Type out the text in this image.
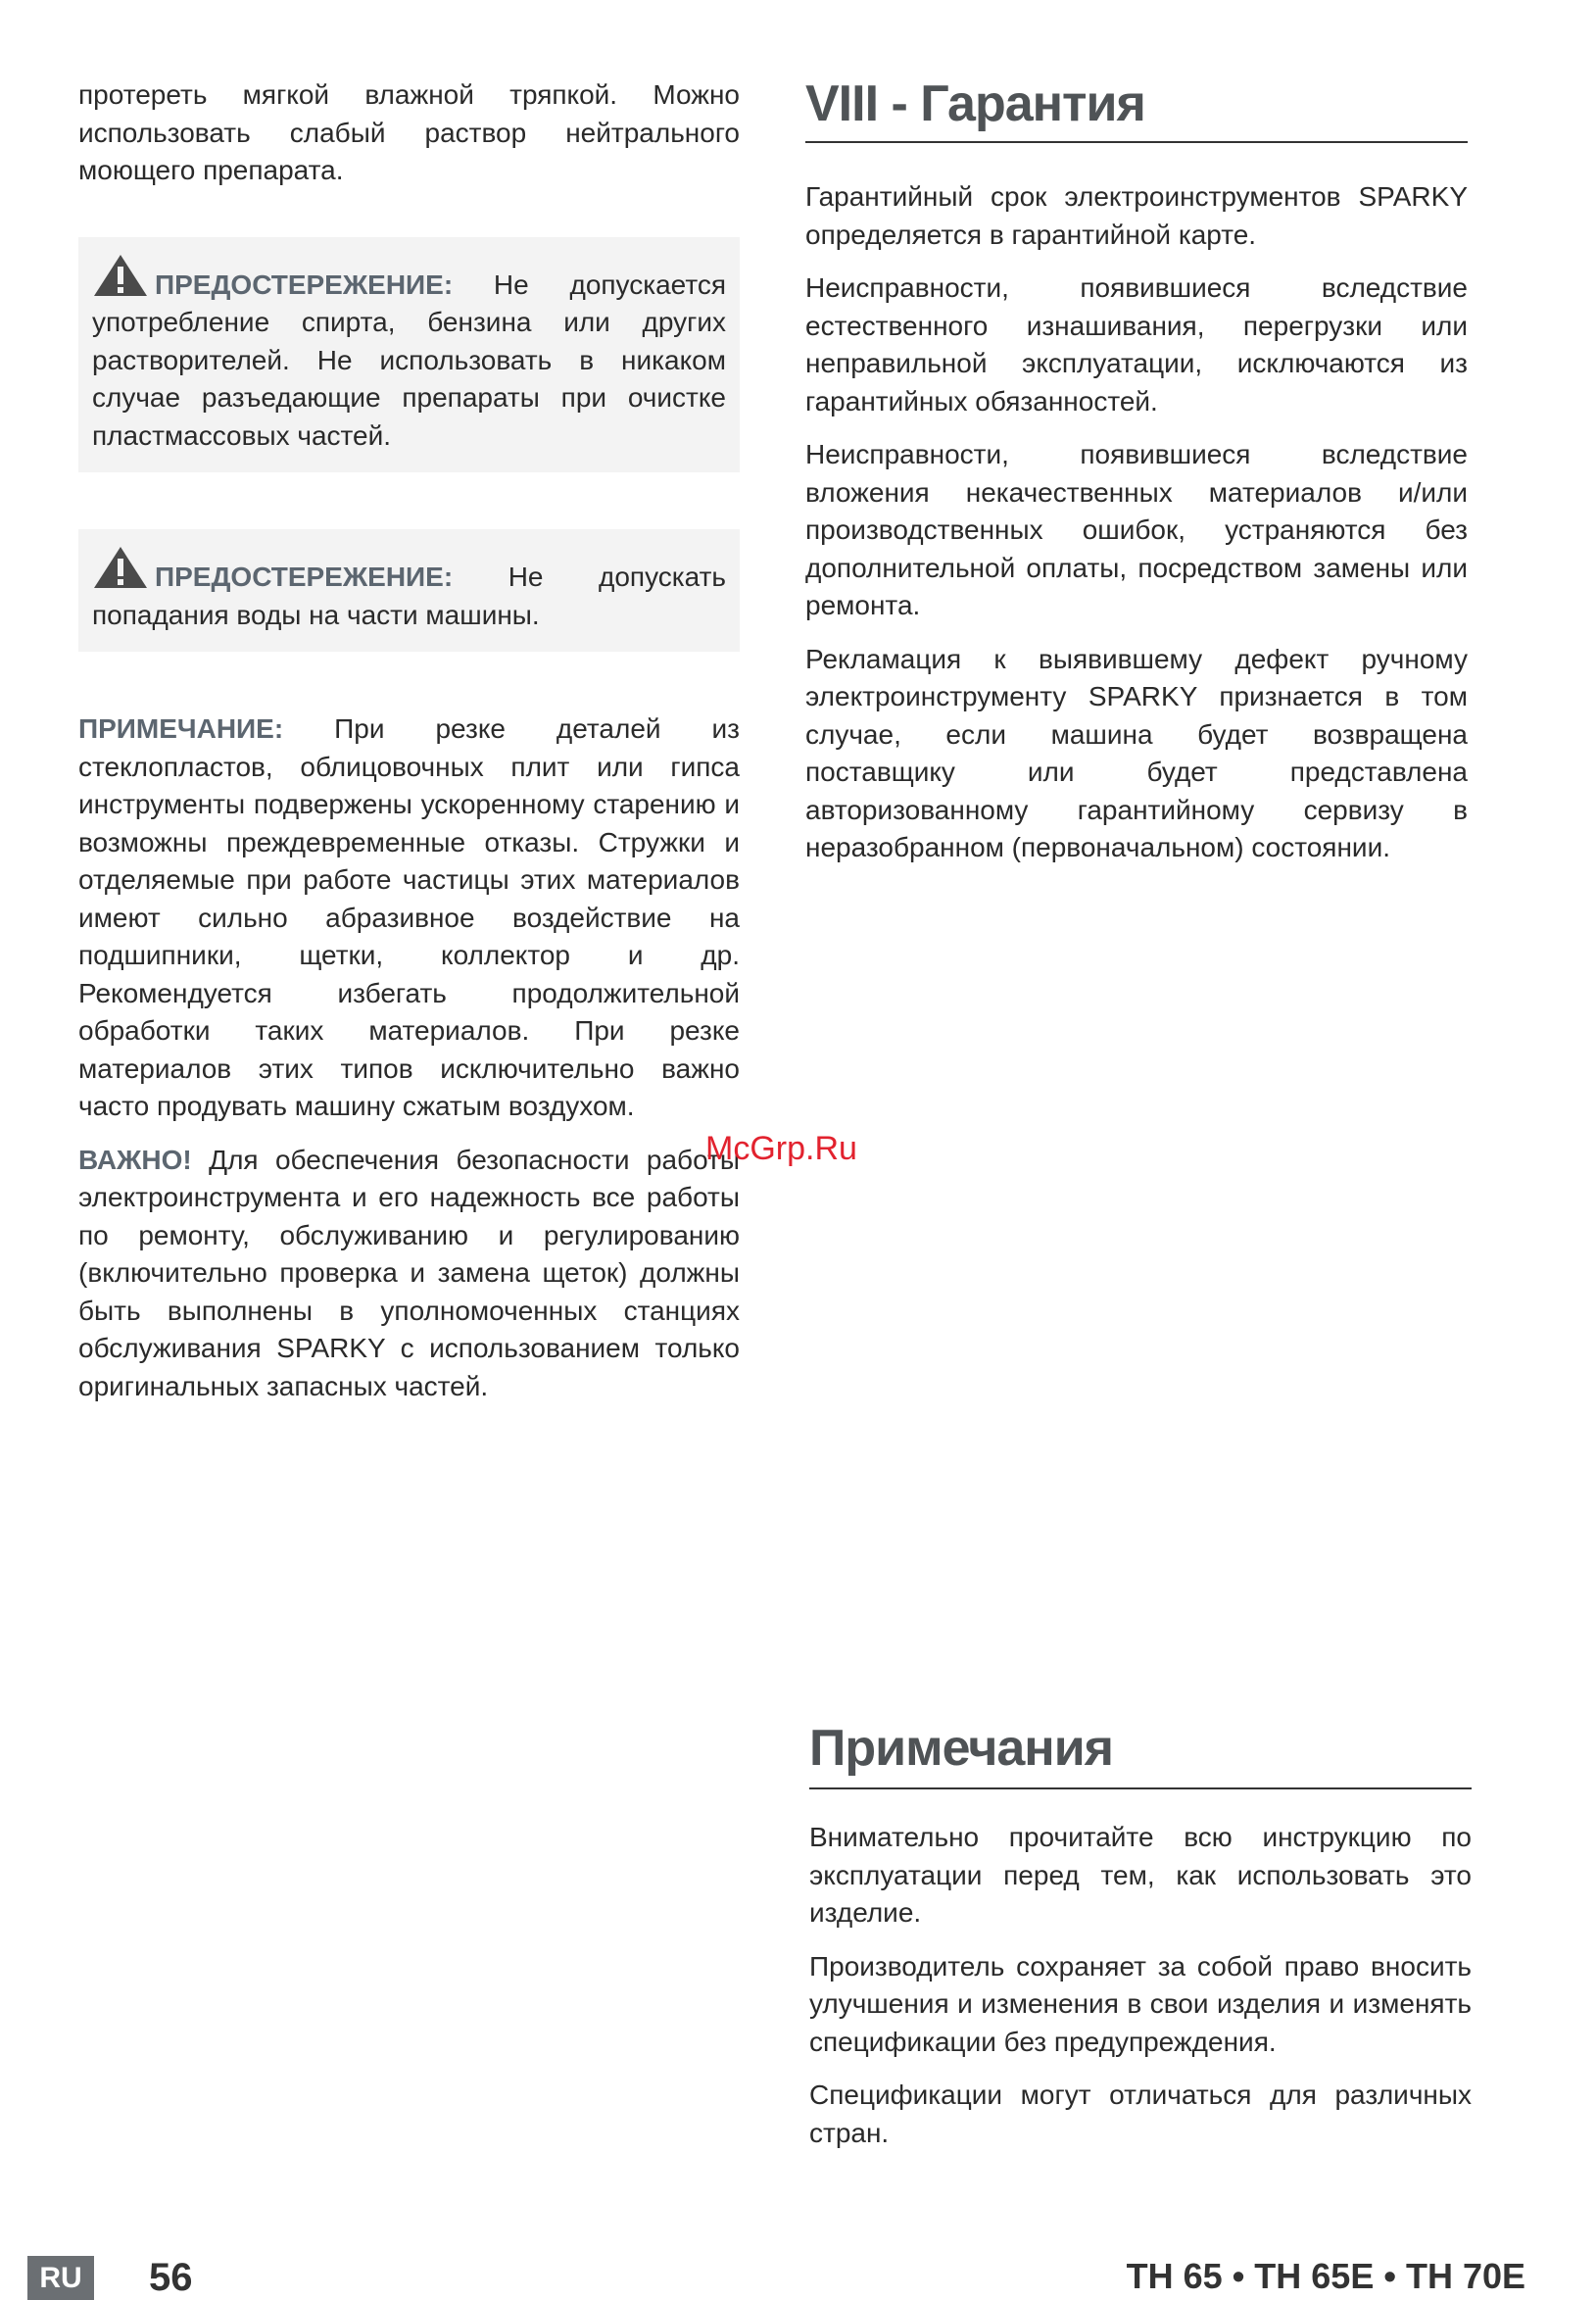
протереть мягкой влажной тряпкой. Можно использовать слабый раствор нейтрального моющего препарата.

ПРЕДОСТЕРЕЖЕНИЕ: Не допускается употребление спирта, бензина или других растворителей. Не использовать в никаком случае разъедающие препараты при очистке пластмассовых частей.

ПРЕДОСТЕРЕЖЕНИЕ: Не допускать попадания воды на части машины.

ПРИМЕЧАНИЕ: При резке деталей из стеклопластов, облицовочных плит или гипса инструменты подвержены ускоренному старению и возможны преждевременные отказы. Стружки и отделяемые при работе частицы этих материалов имеют сильно абразивное воздействие на подшипники, щетки, коллектор и др. Рекомендуется избегать продолжительной обработки таких материалов. При резке материалов этих типов исключительно важно часто продувать машину сжатым воздухом.

ВАЖНО! Для обеспечения безопасности работы электроинструмента и его надежность все работы по ремонту, обслуживанию и регулированию (включительно проверка и замена щеток) должны быть выполнены в уполномоченных станциях обслуживания SPARKY с использованием только оригинальных запасных частей.

VIII - Гарантия

Гарантийный срок электроинструментов SPARKY определяется в гарантийной карте.

Неисправности, появившиеся вследствие естественного изнашивания, перегрузки или неправильной эксплуатации, исключаются из гарантийных обязанностей.

Неисправности, появившиеся вследствие вложения некачественных материалов и/или производственных ошибок, устраняются без дополнительной оплаты, посредством замены или ремонта.

Рекламация к выявившему дефект ручному электроинструменту SPARKY признается в том случае, если машина будет возвращена поставщику или будет представлена авторизованному гарантийному сервизу в неразобранном (первоначальном) состоянии.

McGrp.Ru
Примечания

Внимательно прочитайте всю инструкцию по эксплуатации перед тем, как использовать это изделие.

Производитель сохраняет за собой право вносить улучшения и изменения в свои изделия и изменять спецификации без предупреждения.

Спецификации могут отличаться для различных стран.

RU	56	TH 65 • TH 65E • TH 70E
